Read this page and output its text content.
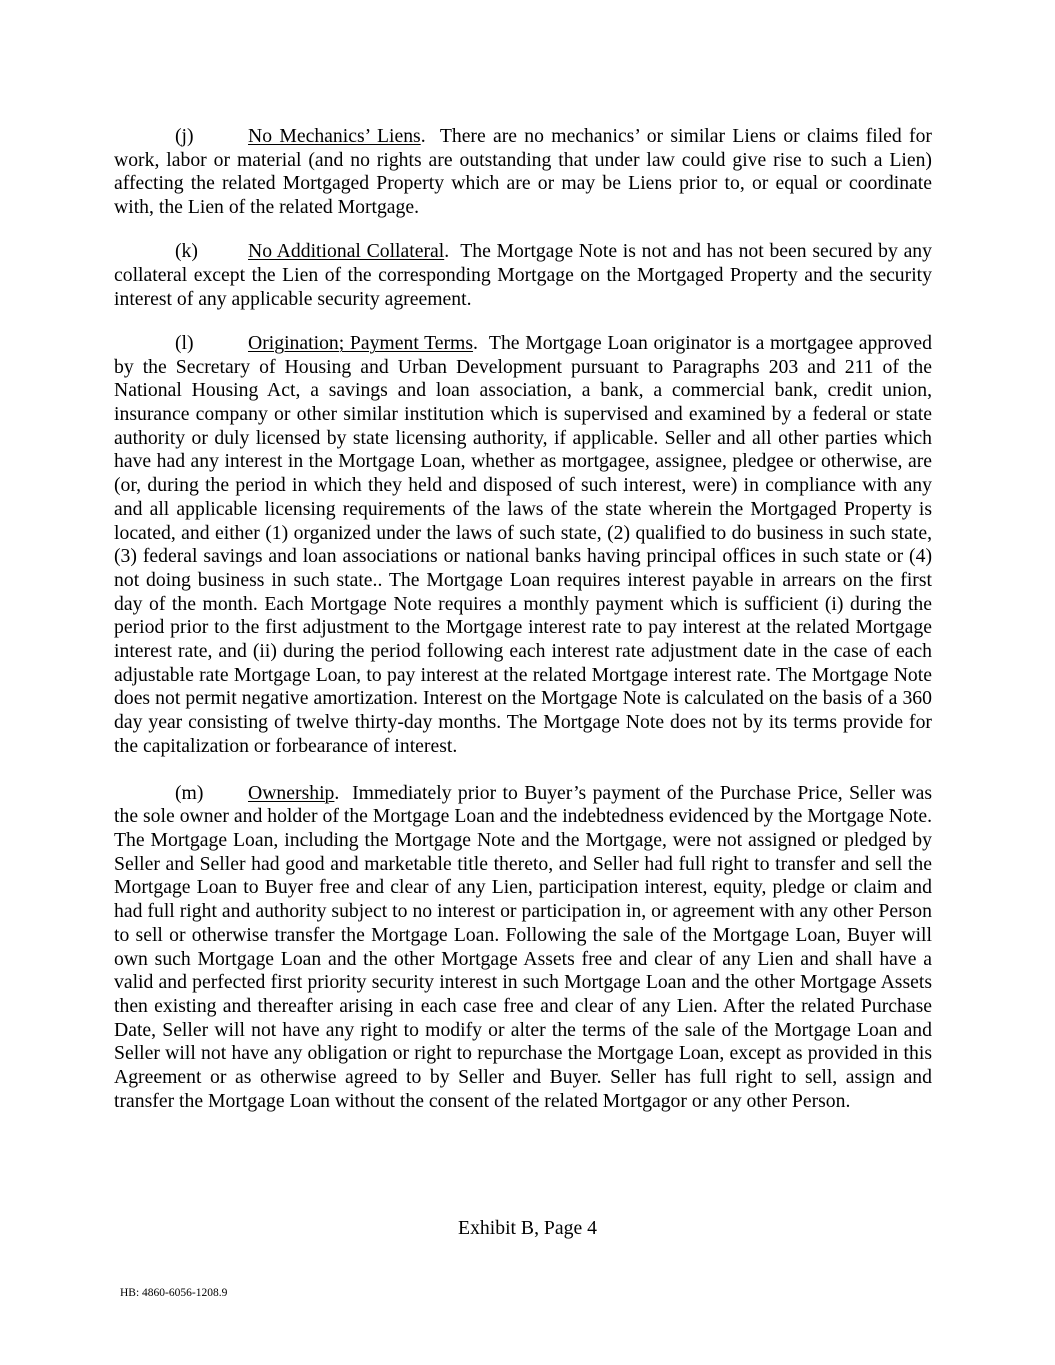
(j)	No Mechanics’ Liens.  There are no mechanics’ or similar Liens or claims filed for work, labor or material (and no rights are outstanding that under law could give rise to such a Lien) affecting the related Mortgaged Property which are or may be Liens prior to, or equal or coordinate with, the Lien of the related Mortgage.

(k)	No Additional Collateral.  The Mortgage Note is not and has not been secured by any collateral except the Lien of the corresponding Mortgage on the Mortgaged Property and the security interest of any applicable security agreement.

(l)	Origination; Payment Terms.  The Mortgage Loan originator is a mortgagee approved by the Secretary of Housing and Urban Development pursuant to Paragraphs 203 and 211 of the National Housing Act, a savings and loan association, a bank, a commercial bank, credit union, insurance company or other similar institution which is supervised and examined by a federal or state authority or duly licensed by state licensing authority, if applicable. Seller and all other parties which have had any interest in the Mortgage Loan, whether as mortgagee, assignee, pledgee or otherwise, are (or, during the period in which they held and disposed of such interest, were) in compliance with any and all applicable licensing requirements of the laws of the state wherein the Mortgaged Property is located, and either (1) organized under the laws of such state, (2) qualified to do business in such state, (3) federal savings and loan associations or national banks having principal offices in such state or (4) not doing business in such state.. The Mortgage Loan requires interest payable in arrears on the first day of the month. Each Mortgage Note requires a monthly payment which is sufficient (i) during the period prior to the first adjustment to the Mortgage interest rate to pay interest at the related Mortgage interest rate, and (ii) during the period following each interest rate adjustment date in the case of each adjustable rate Mortgage Loan, to pay interest at the related Mortgage interest rate. The Mortgage Note does not permit negative amortization. Interest on the Mortgage Note is calculated on the basis of a 360 day year consisting of twelve thirty-day months. The Mortgage Note does not by its terms provide for the capitalization or forbearance of interest.

(m) Ownership.  Immediately prior to Buyer’s payment of the Purchase Price, Seller was the sole owner and holder of the Mortgage Loan and the indebtedness evidenced by the Mortgage Note. The Mortgage Loan, including the Mortgage Note and the Mortgage, were not assigned or pledged by Seller and Seller had good and marketable title thereto, and Seller had full right to transfer and sell the Mortgage Loan to Buyer free and clear of any Lien, participation interest, equity, pledge or claim and had full right and authority subject to no interest or participation in, or agreement with any other Person to sell or otherwise transfer the Mortgage Loan. Following the sale of the Mortgage Loan, Buyer will own such Mortgage Loan and the other Mortgage Assets free and clear of any Lien and shall have a valid and perfected first priority security interest in such Mortgage Loan and the other Mortgage Assets then existing and thereafter arising in each case free and clear of any Lien. After the related Purchase Date, Seller will not have any right to modify or alter the terms of the sale of the Mortgage Loan and Seller will not have any obligation or right to repurchase the Mortgage Loan, except as provided in this Agreement or as otherwise agreed to by Seller and Buyer. Seller has full right to sell, assign and transfer the Mortgage Loan without the consent of the related Mortgagor or any other Person.

Exhibit B, Page 4
HB: 4860-6056-1208.9
